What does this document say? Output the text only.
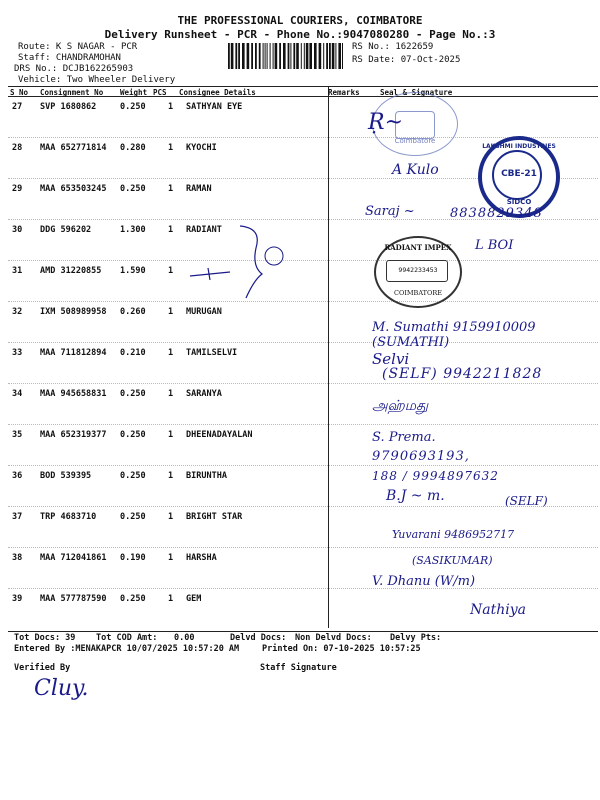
THE PROFESSIONAL COURIERS, COIMBATORE
Delivery Runsheet - PCR - Phone No.:9047080280 - Page No.:3
Route: K S NAGAR - PCR
Staff: CHANDRAMOHAN
DRS No.: DCJB162265903
Vehicle: Two Wheeler Delivery
RS No.: 1622659
RS Date: 07-Oct-2025
S No Consignment No Weight PCS Consignee Details	Remarks	Seal & Signature
27 SVP 1680862	0.250	1 SATHYAN EYE
28 MAA 652771814 0.280	1 KYOCHI
29 MAA 653503245 0.250	1 RAMAN
30 DDG 596202	1.300	1 RADIANT
31 AMD 31220855 1.590	1
32 IXM 508989958 0.260	1 MURUGAN
33 MAA 711812894 0.210	1 TAMILSELVI
34 MAA 945658831 0.250	1 SARANYA
35 MAA 652319377 0.250	1 DHEENADAYALAN
36 BOD 539395	0.250	1 BIRUNTHA
37 TRP 4683710	0.250	1 BRIGHT STAR
38 MAA 712041861 0.190	1 HARSHA
39 MAA 577787590 0.250	1 GEM
Coimbatore
Ṛ~
LAKSHMI INDUSTRIES
CBE-21
SIDCO
RADIANT IMPEX
9942233453
COIMBATORE
A Kulo
Saraj ~	8838829348
L BOI
M. Sumathi 9159910009 (SUMATHI)
Selvi
(SELF) 9942211828
அஹ்மது
S. Prema.
9790693193,
188 / 9994897632
B.J ~ m.	(SELF)
Yuvarani 9486952717
(SASIKUMAR)
V. Dhanu (W/m)
Nathiya
Tot Docs: 39 Tot COD Amt: 0.00	Delvd Docs: Non Delvd Docs: Delvy Pts:
Entered By :MENAKAPCR 10/07/2025 10:57:20 AM	Printed On: 07-10-2025 10:57:25
Verified By	Staff Signature
Cluy.
